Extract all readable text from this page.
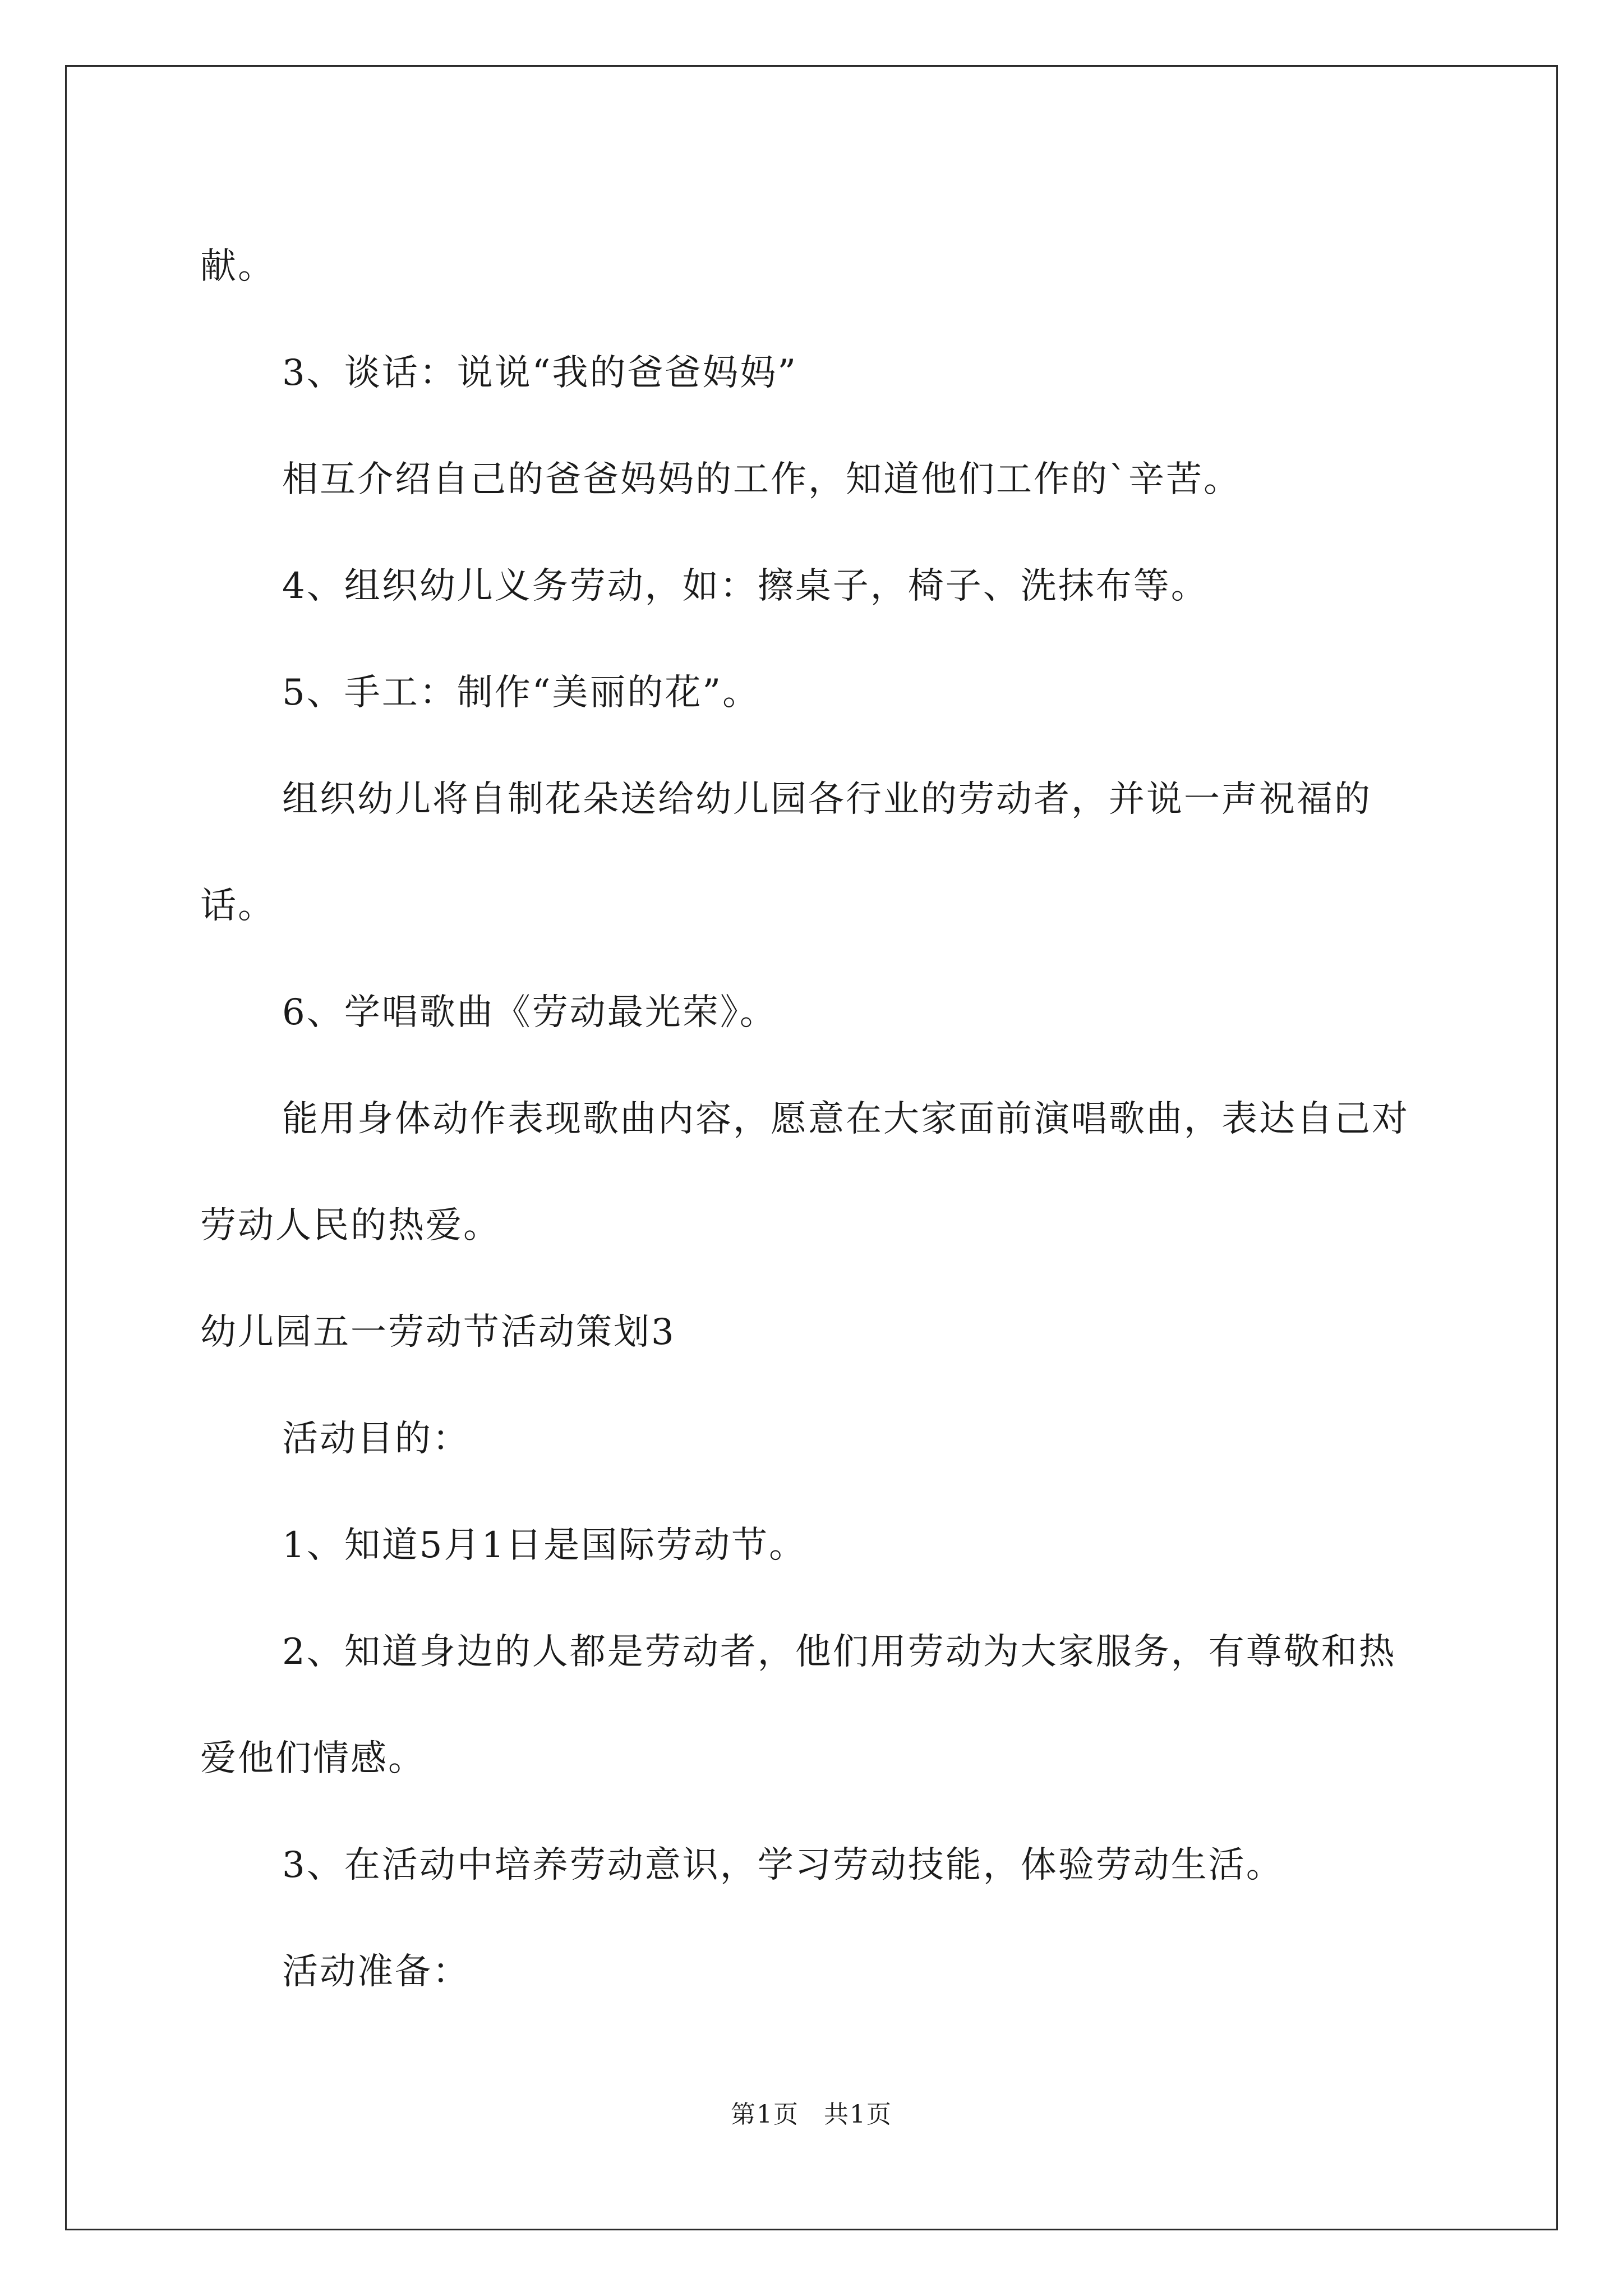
献。

3、谈话：说说“我的爸爸妈妈”

相互介绍自己的爸爸妈妈的工作，知道他们工作的`辛苦。

4、组织幼儿义务劳动，如：擦桌子，椅子、洗抹布等。

5、手工：制作“美丽的花”。

组织幼儿将自制花朵送给幼儿园各行业的劳动者，并说一声祝福的话。

6、学唱歌曲《劳动最光荣》。

能用身体动作表现歌曲内容，愿意在大家面前演唱歌曲，表达自己对劳动人民的热爱。

幼儿园五一劳动节活动策划3

活动目的：

1、知道5月1日是国际劳动节。

2、知道身边的人都是劳动者，他们用劳动为大家服务，有尊敬和热爱他们情感。

3、在活动中培养劳动意识，学习劳动技能，体验劳动生活。

活动准备：

第1页 共1页
